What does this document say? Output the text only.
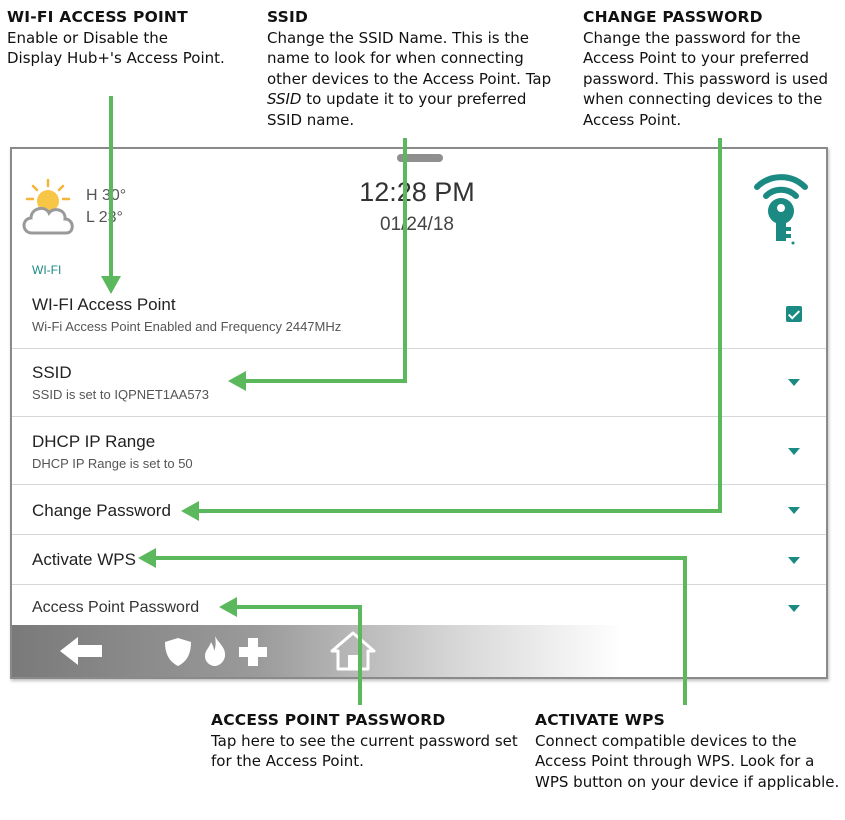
WI-FI ACCESS POINT
Enable or Disable the Display Hub+'s Access Point.
SSID
Change the SSID Name. This is the name to look for when connecting other devices to the Access Point. Tap SSID to update it to your preferred SSID name.
CHANGE PASSWORD
Change the password for the Access Point to your preferred password. This password is used when connecting devices to the Access Point.
ACCESS POINT PASSWORD
Tap here to see the current password set for the Access Point.
ACTIVATE WPS
Connect compatible devices to the Access Point through WPS. Look for a WPS button on your device if applicable.
H 30°
L 23°
12:28 PM
01/24/18
WI-FI
WI-FI Access Point
Wi-Fi Access Point Enabled and Frequency 2447MHz
SSID
SSID is set to IQPNET1AA573
DHCP IP Range
DHCP IP Range is set to 50
Change Password
Activate WPS
Access Point Password
